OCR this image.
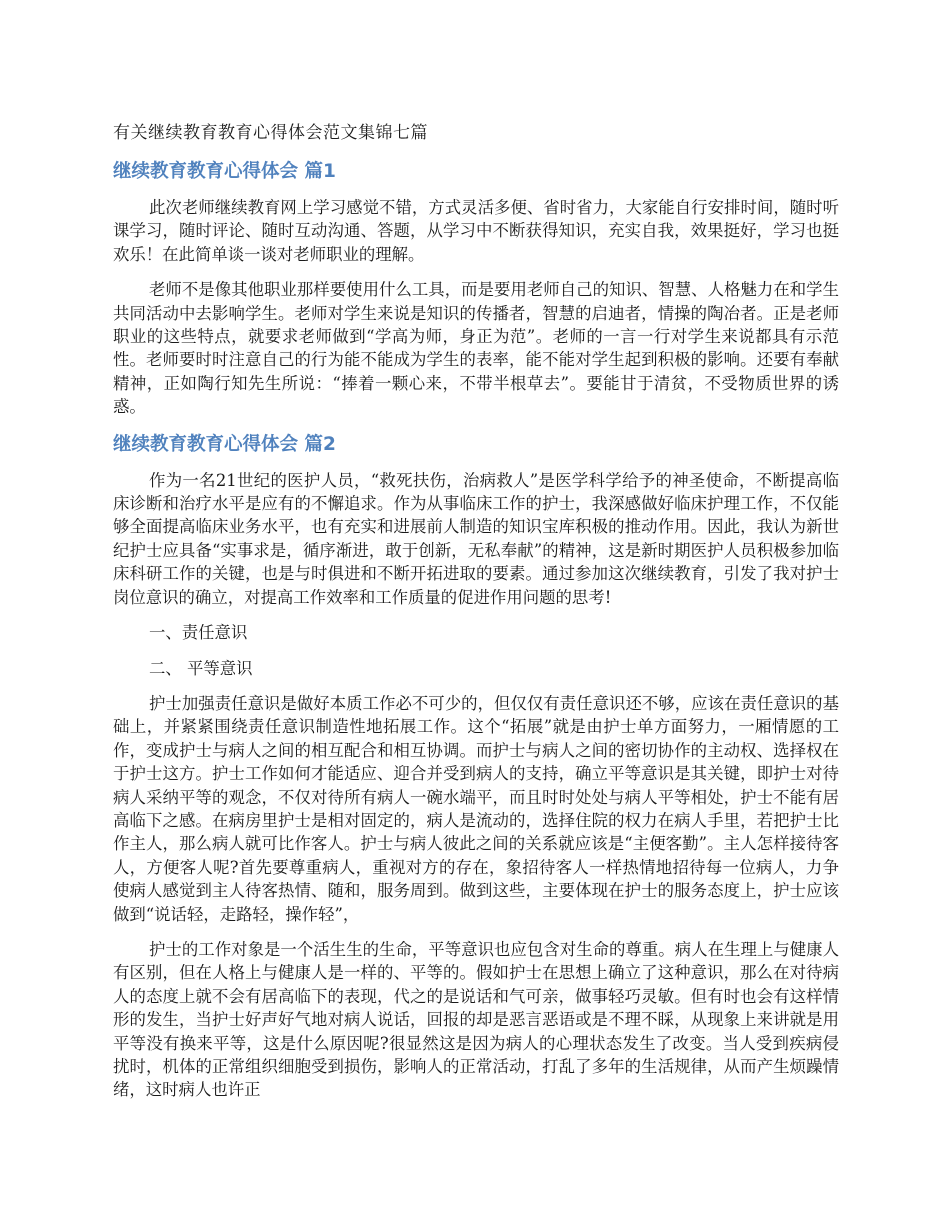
有关继续教育教育心得体会范文集锦七篇
继续教育教育心得体会 篇1

此次老师继续教育网上学习感觉不错，方式灵活多便、省时省力，大家能自行安排时间，随时听课学习，随时评论、随时互动沟通、答题，从学习中不断获得知识，充实自我，效果挺好，学习也挺欢乐！在此简单谈一谈对老师职业的理解。

老师不是像其他职业那样要使用什么工具，而是要用老师自己的知识、智慧、人格魅力在和学生共同活动中去影响学生。老师对学生来说是知识的传播者，智慧的启迪者，情操的陶冶者。正是老师职业的这些特点，就要求老师做到“学高为师，身正为范”。老师的一言一行对学生来说都具有示范性。老师要时时注意自己的行为能不能成为学生的表率，能不能对学生起到积极的影响。还要有奉献精神，正如陶行知先生所说：“捧着一颗心来，不带半根草去”。要能甘于清贫，不受物质世界的诱惑。

继续教育教育心得体会 篇2

作为一名21世纪的医护人员，“救死扶伤，治病救人”是医学科学给予的神圣使命，不断提高临床诊断和治疗水平是应有的不懈追求。作为从事临床工作的护士，我深感做好临床护理工作，不仅能够全面提高临床业务水平，也有充实和进展前人制造的知识宝库积极的推动作用。因此，我认为新世纪护士应具备“实事求是，循序渐进，敢于创新，无私奉献”的精神，这是新时期医护人员积极参加临床科研工作的关键，也是与时俱进和不断开拓进取的要素。通过参加这次继续教育，引发了我对护士岗位意识的确立，对提高工作效率和工作质量的促进作用问题的思考!

一、责任意识

二、 平等意识

护士加强责任意识是做好本质工作必不可少的，但仅仅有责任意识还不够，应该在责任意识的基础上，并紧紧围绕责任意识制造性地拓展工作。这个“拓展”就是由护士单方面努力，一厢情愿的工作，变成护士与病人之间的相互配合和相互协调。而护士与病人之间的密切协作的主动权、选择权在于护士这方。护士工作如何才能适应、迎合并受到病人的支持，确立平等意识是其关键，即护士对待病人采纳平等的观念，不仅对待所有病人一碗水端平，而且时时处处与病人平等相处，护士不能有居高临下之感。在病房里护士是相对固定的，病人是流动的，选择住院的权力在病人手里，若把护士比作主人，那么病人就可比作客人。护士与病人彼此之间的关系就应该是“主便客勤”。主人怎样接待客人，方便客人呢?首先要尊重病人，重视对方的存在，象招待客人一样热情地招待每一位病人，力争使病人感觉到主人待客热情、随和，服务周到。做到这些，主要体现在护士的服务态度上，护士应该做到“说话轻，走路轻，操作轻”，

护士的工作对象是一个活生生的生命，平等意识也应包含对生命的尊重。病人在生理上与健康人有区别，但在人格上与健康人是一样的、平等的。假如护士在思想上确立了这种意识，那么在对待病人的态度上就不会有居高临下的表现，代之的是说话和气可亲，做事轻巧灵敏。但有时也会有这样情形的发生，当护士好声好气地对病人说话，回报的却是恶言恶语或是不理不睬，从现象上来讲就是用平等没有换来平等，这是什么原因呢?很显然这是因为病人的心理状态发生了改变。当人受到疾病侵扰时，机体的正常组织细胞受到损伤，影响人的正常活动，打乱了多年的生活规律，从而产生烦躁情绪，这时病人也许正
